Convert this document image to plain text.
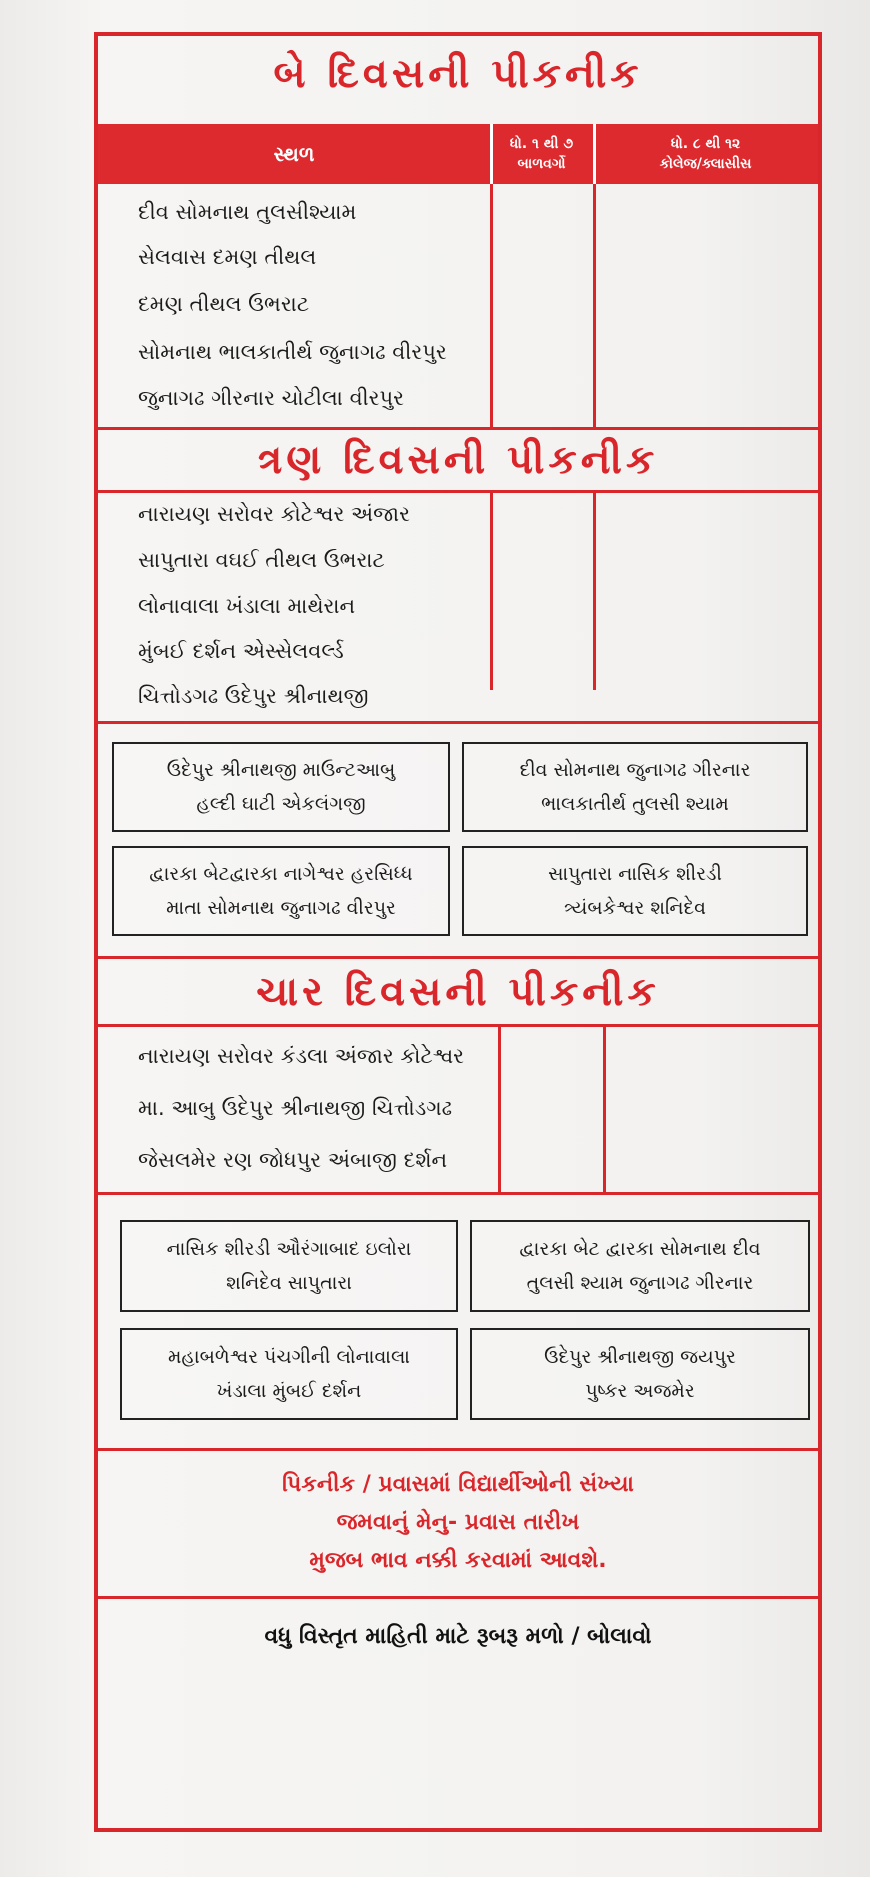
બે દિવસની પીકનીક
સ્થળ	ધો. ૧ થી ૭
બાળવર્ગો
ધો. ૮ થી ૧૨
કોલેજ/ક્લાસીસ
દીવ સોમનાથ તુલસીશ્યામ
સેલવાસ દમણ તીથલ
દમણ તીથલ ઉભરાટ
સોમનાથ ભાલકાતીર્થ જુનાગઢ વીરપુર
જુનાગઢ ગીરનાર ચોટીલા વીરપુર
ત્રણ દિવસની પીકનીક
નારાયણ સરોવર કોટેશ્વર અંજાર
સાપુતારા વઘઈ તીથલ ઉભરાટ
લોનાવાલા ખંડાલા માથેરાન
મુંબઈ દર્શન એસ્સેલવર્લ્ડ
ચિત્તોડગઢ ઉદેપુર શ્રીનાથજી
ઉદેપુર શ્રીનાથજી માઉન્ટઆબુ
હલ્દી ઘાટી એકલંગજી
દીવ સોમનાથ જુનાગઢ ગીરનાર
ભાલકાતીર્થ તુલસી શ્યામ
દ્વારકા બેટદ્વારકા નાગેશ્વર હરસિધ્ધ
માતા સોમનાથ જુનાગઢ વીરપુર
સાપુતારા નાસિક શીરડી
ત્ર્યંબકેશ્વર શનિદેવ
ચાર દિવસની પીકનીક
નારાયણ સરોવર કંડલા અંજાર કોટેશ્વર
મા. આબુ ઉદેપુર શ્રીનાથજી ચિત્તોડગઢ
જેસલમેર રણ જોધપુર અંબાજી દર્શન
નાસિક શીરડી ઔરંગાબાદ ઇલોરા
શનિદેવ સાપુતારા
દ્વારકા બેટ દ્વારકા સોમનાથ દીવ
તુલસી શ્યામ જુનાગઢ ગીરનાર
મહાબળેશ્વર પંચગીની લોનાવાલા
ખંડાલા મુંબઈ દર્શન
ઉદેપુર શ્રીનાથજી જયપુર
પુષ્કર અજમેર
પિકનીક / પ્રવાસમાં વિદ્યાર્થીઓની સંખ્યા
જમવાનું મેનુ- પ્રવાસ તારીખ
મુજબ ભાવ નક્કી કરવામાં આવશે.
વધુ વિસ્તૃત માહિતી માટે રૂબરૂ મળો / બોલાવો
